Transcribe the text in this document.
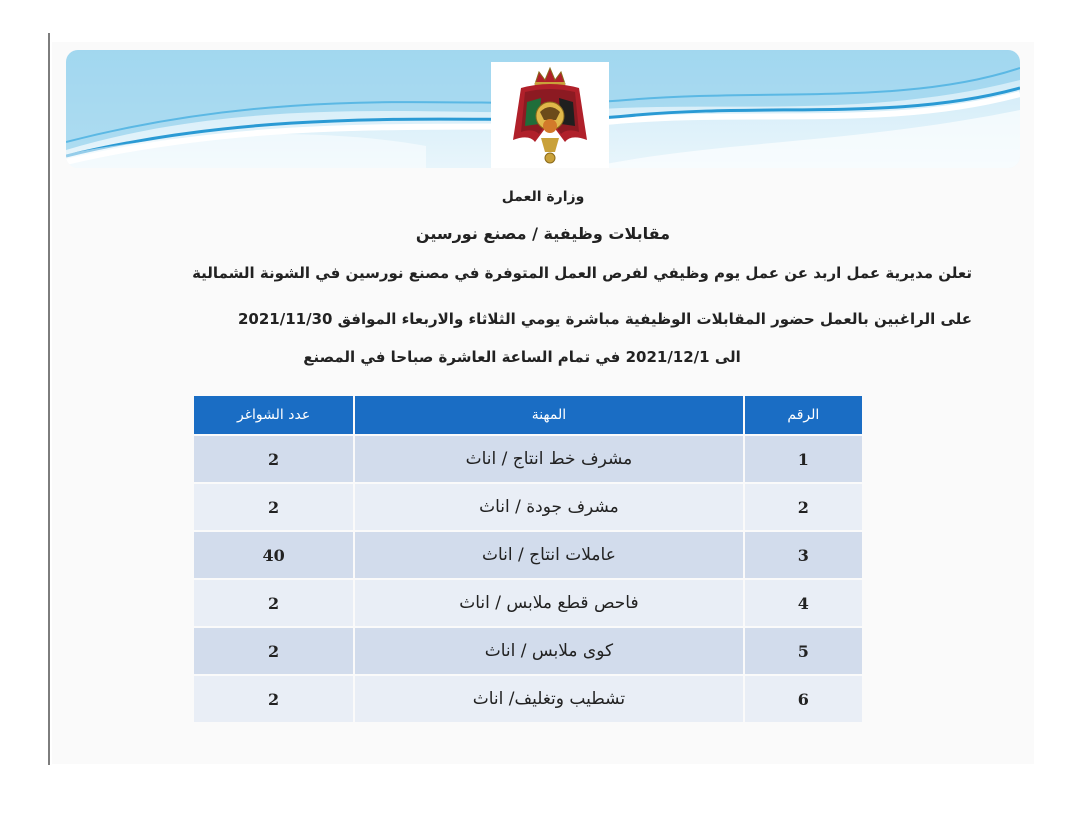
وزارة العمل
مقابلات وظيفية / مصنع نورسين
تعلن مديرية عمل اربد عن عمل يوم وظيفي لفرص العمل المتوفرة في مصنع نورسين في الشونة الشمالية
على الراغبين بالعمل حضور المقابلات الوظيفية مباشرة يومي الثلاثاء والاربعاء الموافق 2021/11/30
الى 2021/12/1 في تمام الساعة العاشرة صباحا في المصنع
الرقم	المهنة	عدد الشواغر
1	مشرف خط انتاج / اناث	2
2	مشرف جودة / اناث	2
3	عاملات انتاج / اناث	40
4	فاحص قطع ملابس / اناث	2
5	كوى ملابس / اناث	2
6	تشطيب وتغليف/ اناث	2
